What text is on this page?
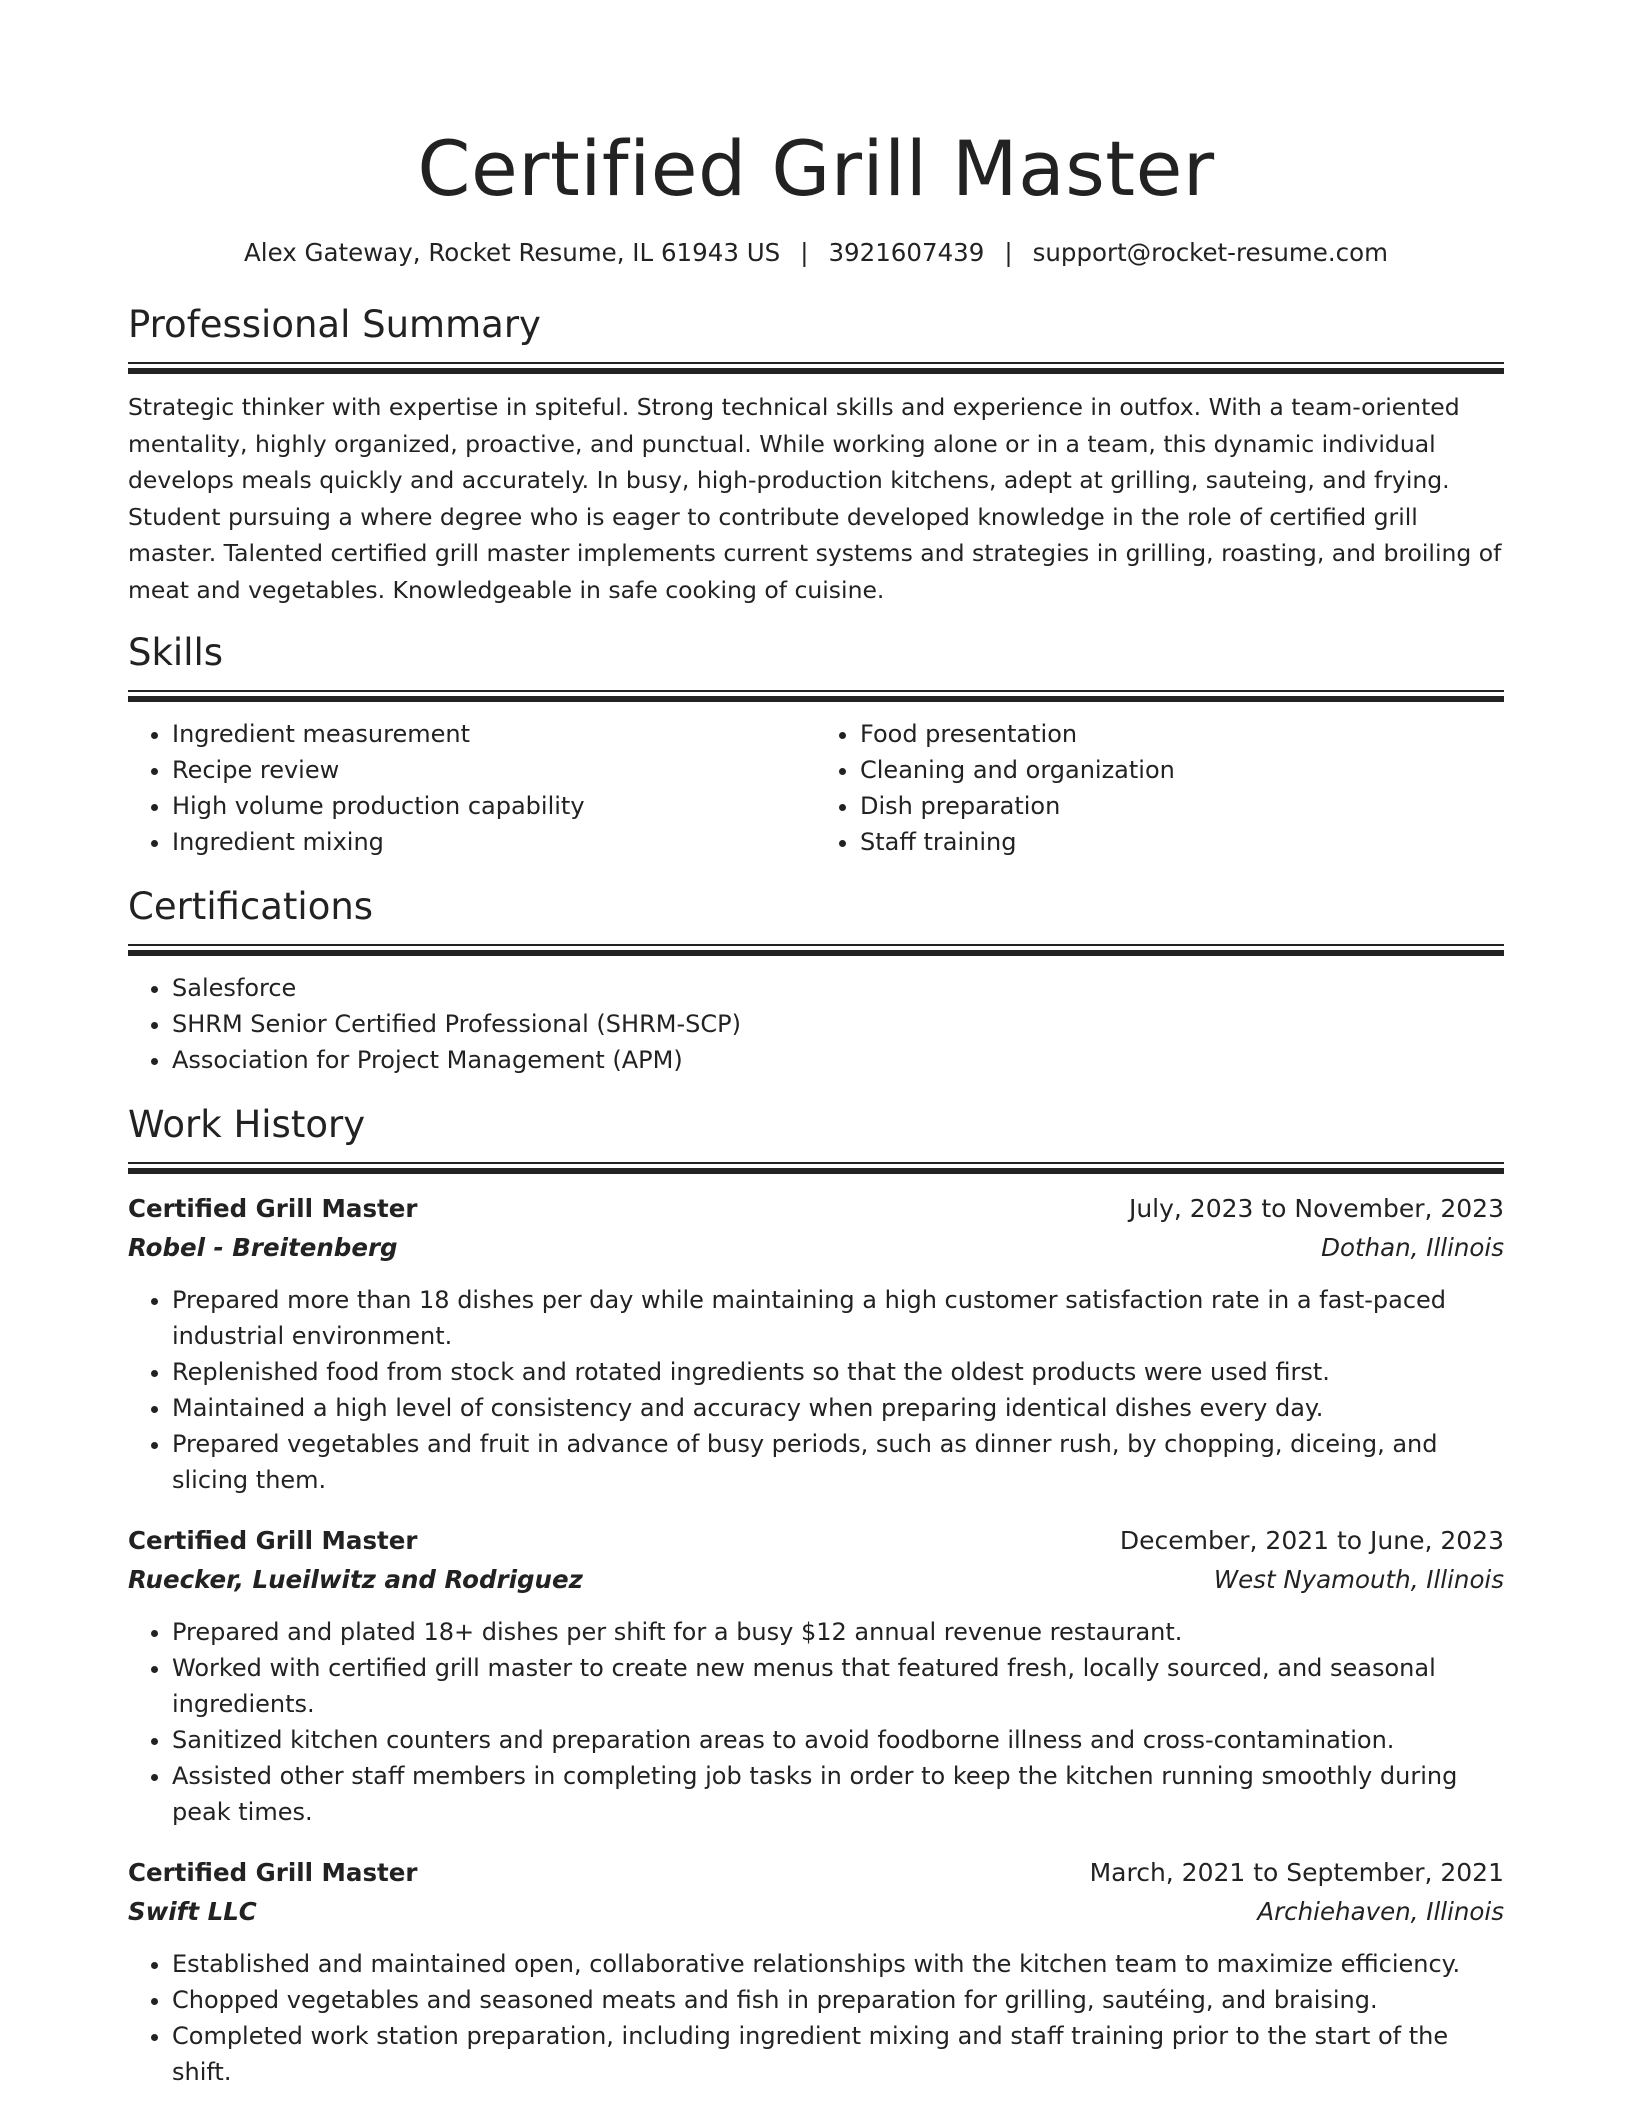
Certified Grill Master
Alex Gateway, Rocket Resume, IL 61943 US | 3921607439 | support@rocket-resume.com
Professional Summary

Strategic thinker with expertise in spiteful. Strong technical skills and experience in outfox. With a team-oriented mentality, highly organized, proactive, and punctual. While working alone or in a team, this dynamic individual develops meals quickly and accurately. In busy, high-production kitchens, adept at grilling, sauteing, and frying. Student pursuing a where degree who is eager to contribute developed knowledge in the role of certified grill master. Talented certified grill master implements current systems and strategies in grilling, roasting, and broiling of meat and vegetables. Knowledgeable in safe cooking of cuisine.

Skills
• Ingredient measurement
• Recipe review
• High volume production capability
• Ingredient mixing
• Food presentation
• Cleaning and organization
• Dish preparation
• Staff training
Certifications
• Salesforce
• SHRM Senior Certified Professional (SHRM-SCP)
• Association for Project Management (APM)
Work History
Certified Grill Master	July, 2023 to November, 2023
Robel - Breitenberg	Dothan, Illinois
• Prepared more than 18 dishes per day while maintaining a high customer satisfaction rate in a fast-paced industrial environment.
• Replenished food from stock and rotated ingredients so that the oldest products were used first.
• Maintained a high level of consistency and accuracy when preparing identical dishes every day.
• Prepared vegetables and fruit in advance of busy periods, such as dinner rush, by chopping, diceing, and slicing them.
Certified Grill Master	December, 2021 to June, 2023
Ruecker, Lueilwitz and Rodriguez	West Nyamouth, Illinois
• Prepared and plated 18+ dishes per shift for a busy $12 annual revenue restaurant.
• Worked with certified grill master to create new menus that featured fresh, locally sourced, and seasonal ingredients.
• Sanitized kitchen counters and preparation areas to avoid foodborne illness and cross-contamination.
• Assisted other staff members in completing job tasks in order to keep the kitchen running smoothly during peak times.
Certified Grill Master	March, 2021 to September, 2021
Swift LLC	Archiehaven, Illinois
• Established and maintained open, collaborative relationships with the kitchen team to maximize efficiency.
• Chopped vegetables and seasoned meats and fish in preparation for grilling, sautéing, and braising.
• Completed work station preparation, including ingredient mixing and staff training prior to the start of the shift.
